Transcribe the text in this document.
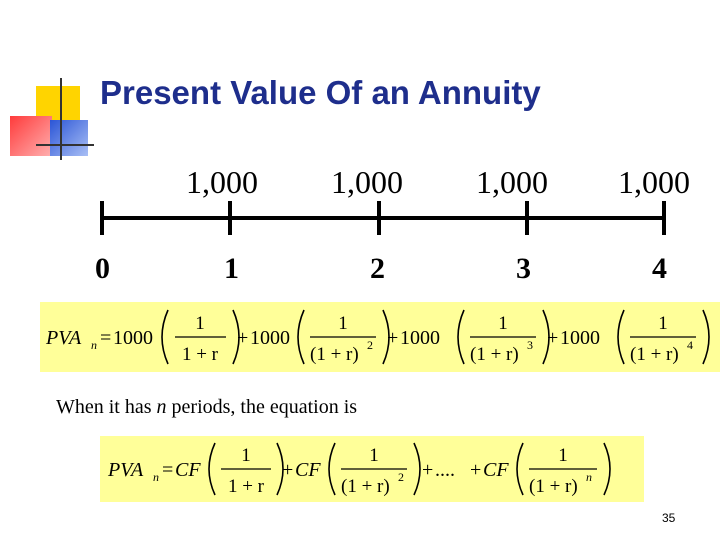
Present Value Of an Annuity
1,000 1,000 1,000 1,000
0	1	2	3	4
PVA n = 1000
1
1 + r
+ 1000
1
(1 + r) 2 + 1000
1
(1 + r) 3 + 1000
1
(1 + r) 4

When it has n periods, the equation is

PVA n = CF
1
1 + r
+ CF
1
(1 + r) 2 + .... + CF
1
(1 + r) n
35
